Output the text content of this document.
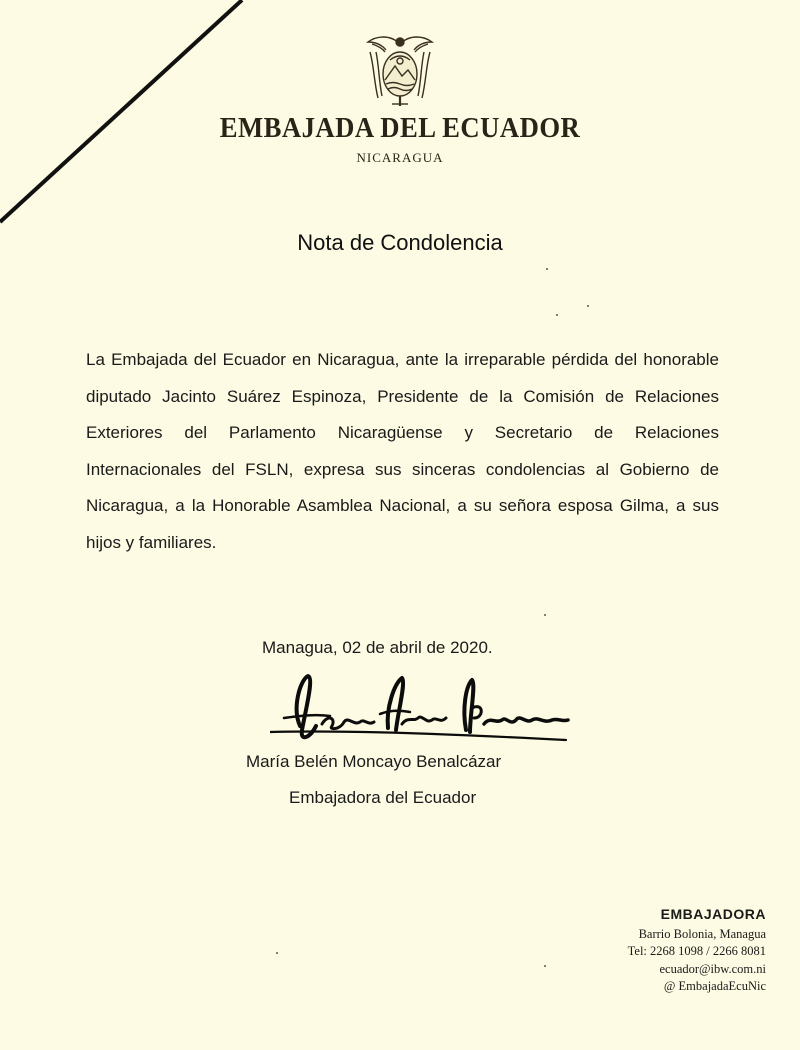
EMBAJADA DEL ECUADOR
NICARAGUA
Nota de Condolencia
La Embajada del Ecuador en Nicaragua, ante la irreparable pérdida del honorable diputado Jacinto Suárez Espinoza, Presidente de la Comisión de Relaciones Exteriores del Parlamento Nicaragüense y Secretario de Relaciones Internacionales del FSLN, expresa sus sinceras condolencias al Gobierno de Nicaragua, a la Honorable Asamblea Nacional, a su señora esposa Gilma, a sus hijos y familiares.
Managua, 02 de abril de 2020.
María Belén Moncayo Benalcázar
Embajadora del Ecuador
EMBAJADORA
Barrio Bolonia, Managua
Tel: 2268 1098 / 2266 8081
ecuador@ibw.com.ni
@ EmbajadaEcuNic
